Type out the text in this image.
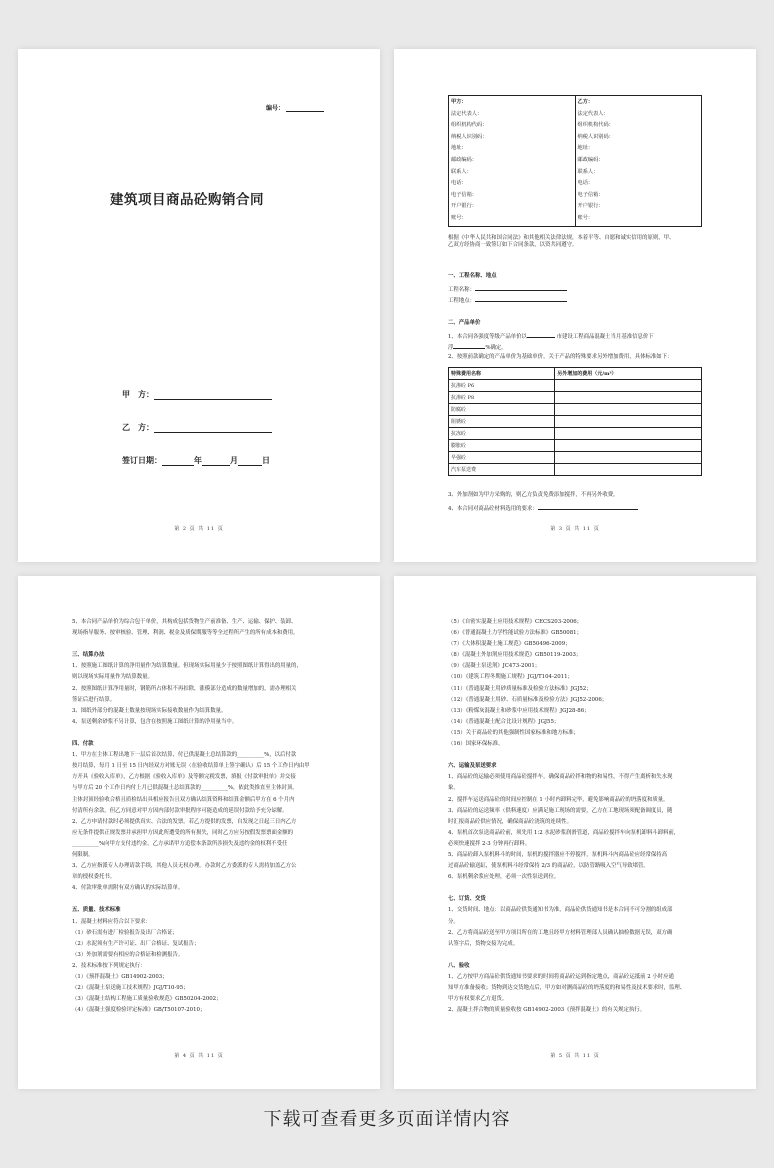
编号：
建筑项目商品砼购销合同
甲　方：
乙　方：
签订日期：	年	月	日
第 2 页 共 11 页
甲方：
法定代表人：
组织机构代码：
纳税人识别码：
地址：
邮政编码：
联系人：
电话：
电子信箱：
开户银行：
账号：

乙方：
法定代表人：
组织机构代码：
纳税人识别码：
地址：
邮政编码：
联系人：
电话：
电子信箱：
开户银行：
账号：
根据《中华人民共和国合同法》和其他相关法律法规，本着平等、自愿和诚实信用的原则，甲、
乙双方经协商一致签订如下合同条款，以资共同遵守。
一、工程名称、地点
工程名称：
工程地点：
二、产品单价
1、本合同各强度等级产品单价以	市建设工程商品混凝土当月基准信息价下
浮	%确定。
2、按照前款确定的产品单价为基础单价，关于产品的特殊要求另外增加费用，具体标准如下：
特殊费用名称	另外增加的费用（元/m³）
抗渗砼 P6	
抗渗砼 P8	
防腐砼	
阻锈砼	
抗冻砼	
膨胀砼	
早强砼	
汽车泵送费	
3、外加剂如为甲方采购的，则乙方负责免费添加搅拌，不再另外收费。
4、本合同对商品砼材料选用的要求：
第 3 页 共 11 页
5、本合同产品单价为综合包干单价，其构成包括货物生产前准备、生产、运输、保护、装卸、
现场指导服务、按审核验、管理、利润、税金及质保期服等等全过程所产生的所有成本和费用。
三、结算办法
1、按照施工图纸计算的净用量作为结算数量。但现场实际用量少于按照图纸计算得出的用量的，
则以现场实际用量作为结算数量。
2、按照图纸计算净用量时，钢筋所占体积不再扣除，涨模部分造成的数量增加的，需办理相关
签证后进行结算。
3、图纸外部分的混凝土数量按现场实际接收数量作为结算数量。
4、泵送剩余砂浆不另计算，包含在按照施工图纸计算的净用量当中。
四、付款
1、甲方在主体工程出地下一层后首次结算，付已供混凝土总结算款的__________%，以后付款
按月结算，每月 1 日至 15 日内经双方对账无误（在验收结算单上签字确认）后 15 个工作日内由甲
方开具《验收入库单》，乙方根据《验收入库单》及等额完税发票，填报《付款审批单》并交接
与甲方后 20 个工作日内付上月已供混凝土总结算款的__________%，依此类推直至主体封顶。
主体封顶经验收合格且质检结出具相应报告且双方确认结算资料和结算金额后甲方在 6 个月内
付清所有余款。但乙方同意对甲方因内部付款审批程序可能造成的延误付款给予充分谅解。
2、乙方申请付款时必须提供真实、合法的发票。若乙方提供的发票，自发现之日起三日内乙方
应无条件提供正规发票并承担甲方因此所遭受的所有损失，同时乙方应另按假发票票面金额的
__________%向甲方支付违约金。乙方承诺甲方追偿本条款所涉损失及违约金的权利不受任
何限制。
3、乙方应指派专人办理请款手续，其他人员无权办理。办款时乙方委派的专人需持加盖乙方公
章的授权委托书。
4、付款审批单需附有双方确认的实际结算单。
五、质量、技术标准
1、混凝土材料应符合以下要求：
（1）砂石需有进厂检验报告及出厂合格证；
（2）水泥须有生产许可证、出厂合格证、复试报告；
（3）外加剂需要有相应的合格证和检测报告。
2、技术标准按下列规定执行：
（1）《预拌混凝土》GB14902-2003；
（2）《混凝土泵送施工技术规程》JGJ/T10-95；
（3）《混凝土结构工程施工质量验收规范》GB50204-2002；
（4）《混凝土强度检验评定标准》GB/T50107-2010；
第 4 页 共 11 页
（5）《自密实混凝土应用技术规程》CECS203-2006；
（6）《普通混凝土力学性能试验方法标准》GB50081；
（7）《大体积混凝土施工规范》GB50496-2009；
（8）《混凝土外加剂应用技术规范》GB50119-2003；
（9）《混凝土泵送剂》JC473-2001；
（10）《建筑工程冬期施工规程》JGJ/T104-2011；
（11）《普通混凝土用砂质量标准及检验方法标准》JGJ52；
（12）《普通混凝土用砂、石质量标准及检验方法》JGJ52-2006；
（13）《粉煤灰混凝土和砂浆中应用技术规程》JGJ28-86；
（14）《普通混凝土配合比设计规程》JGJ55；
（15）关于商品砼的其他强制性国家标准和地方标准；
（16）国家环保标准。
六、运输及泵送要求
1、商品砼的运输必须使用商品砼搅拌车，确保商品砼拌和物的和易性，不得产生离析和失水现
象。
2、搅拌车运送商品砼的时间应控制在 1 小时内卸料完毕，避免影响商品砼的坍落度和质量。
3、商品砼的运送频率（供料速度）应满足施工现场的需要，乙方在工地现场须配备调度员，随
时汇报商品砼供应情况，确保商品砼浇筑的连续性。
4、泵机首次泵送商品砼前，须先用 1:2 水泥砂浆润滑管道，商品砼搅拌车向泵机卸料斗卸料前，
必须快速搅拌 2-3 分钟再行卸料。
5、商品砼卸入泵机料斗的时间，泵机的搅拌器应不停搅拌，泵机料斗内商品砼应经常保持高
过商品砼输送缸，使泵机料斗经常保持 2/3 的商品砼，以防管路吸入空气导致堵管。
6、泵机剩余浆应处理，必须一次性泵送到位。
七、订货、交货
1、交货时间、地点：以商品砼供货通知书为准，商品砼供货通知书是本合同不可分割的组成部
分。
2、乙方将商品砼送至甲方项目所在的工地且经甲方材料管理部人员确认抽检数据无误，双方确
认签字后，货物交接为完成。
八、验收
1、乙方按甲方商品砼供货通知书要求的时间将商品砼运到指定地点，商品砼运抵前 2 小时应通
知甲方准备接收；货物到达交货地点后，甲方如对测商品砼的坍落度的和易性及技术要求时，监理、
甲方有权要求乙方退货。
2、混凝土拌合物的质量验收按 GB14902-2003《预拌混凝土》的有关规定执行。
第 5 页 共 11 页
下载可查看更多页面详情内容
